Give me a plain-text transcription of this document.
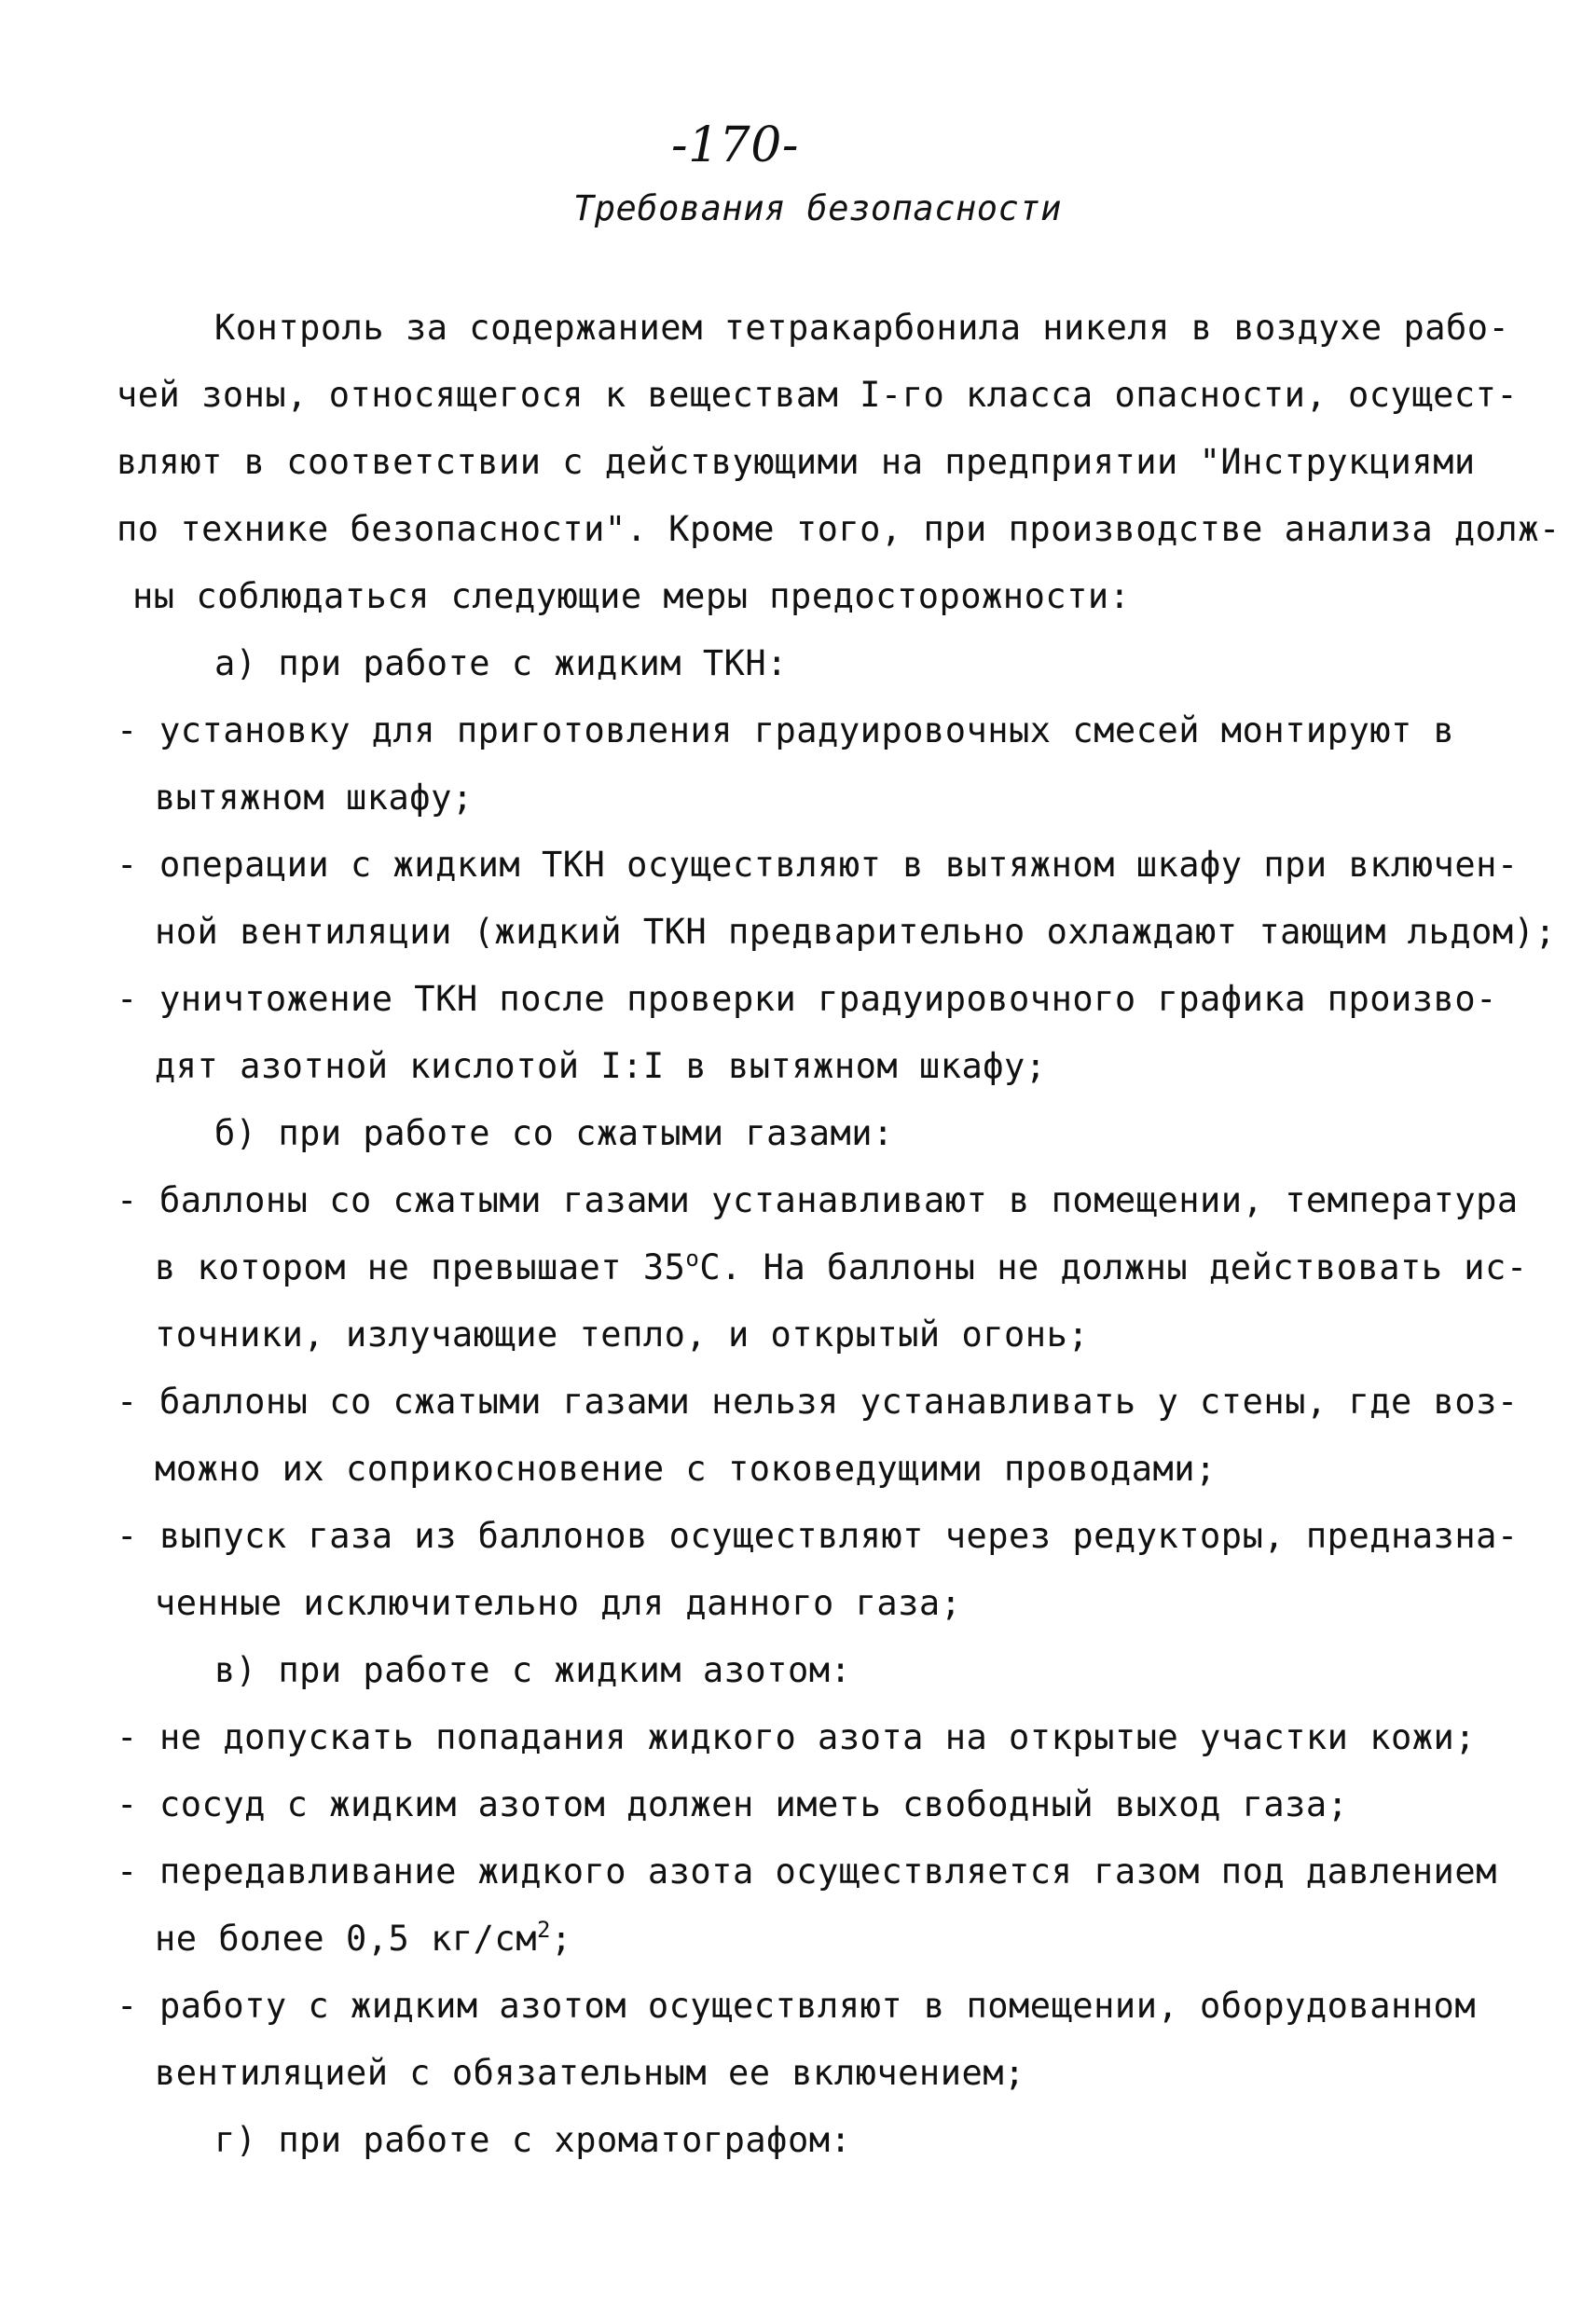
-170-
Требования безопасности
Контроль за содержанием тетракарбонила никеля в воздухе рабо-
чей зоны, относящегося к веществам I-го класса опасности, осущест-
вляют в соответствии с действующими на предприятии "Инструкциями
по технике безопасности". Кроме того, при производстве анализа долж-
ны соблюдаться следующие меры предосторожности:
а) при работе с жидким ТКН:
- установку для приготовления градуировочных смесей монтируют в
вытяжном шкафу;
- операции с жидким ТКН осуществляют в вытяжном шкафу при включен-
ной вентиляции (жидкий ТКН предварительно охлаждают тающим льдом);
- уничтожение ТКН после проверки градуировочного графика произво-
дят азотной кислотой I:I в вытяжном шкафу;
б) при работе со сжатыми газами:
- баллоны со сжатыми газами устанавливают в помещении, температура
в котором не превышает $35^оС$. На баллоны не должны действовать ис-
точники, излучающие тепло, и открытый огонь;
- баллоны со сжатыми газами нельзя устанавливать у стены, где воз-
можно их соприкосновение с токоведущими проводами;
- выпуск газа из баллонов осуществляют через редукторы, предназна-
ченные исключительно для данного газа;
в) при работе с жидким азотом:
- не допускать попадания жидкого азота на открытые участки кожи;
- сосуд с жидким азотом должен иметь свободный выход газа;
- передавливание жидкого азота осуществляется газом под давлением
не более 0,5 $кг/см^2$;
- работу с жидким азотом осуществляют в помещении, оборудованном
вентиляцией с обязательным ее включением;
г) при работе с хроматографом:
